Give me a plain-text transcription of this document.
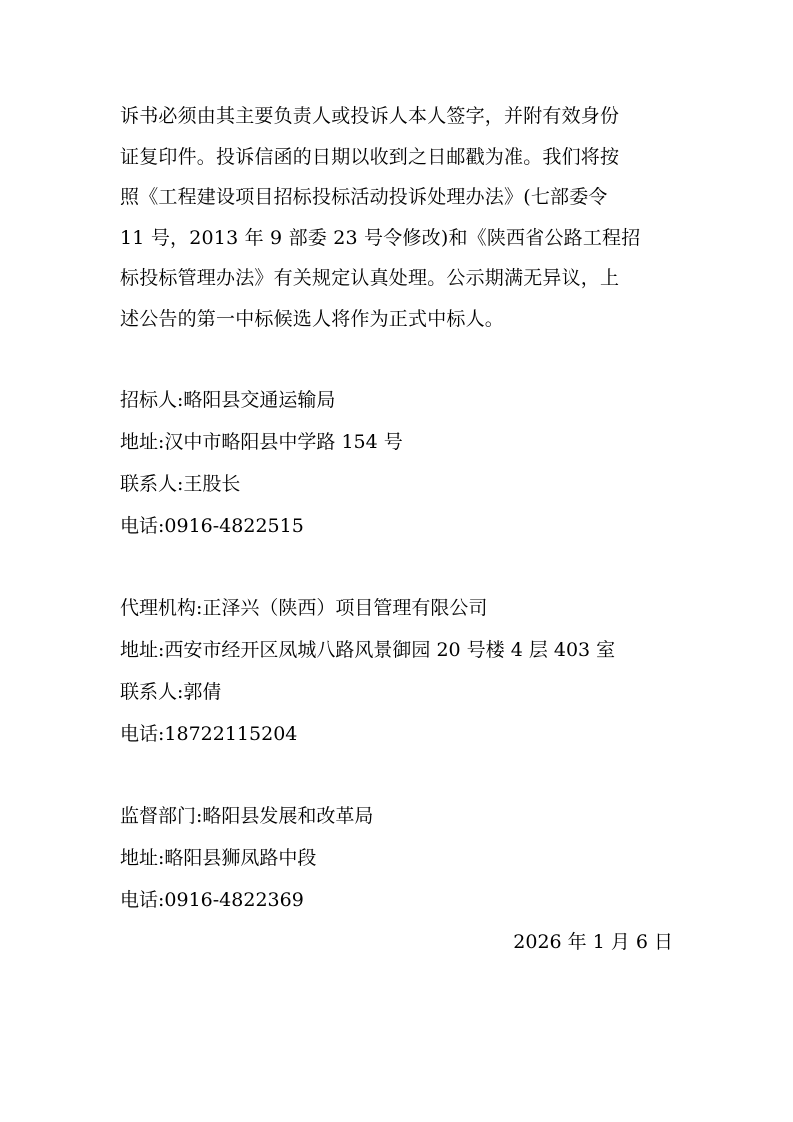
诉书必须由其主要负责人或投诉人本人签字，并附有效身份
证复印件。投诉信函的日期以收到之日邮戳为准。我们将按
照《工程建设项目招标投标活动投诉处理办法》(七部委令
11 号，2013 年 9 部委 23 号令修改)和《陕西省公路工程招
标投标管理办法》有关规定认真处理。公示期满无异议，上
述公告的第一中标候选人将作为正式中标人。
招标人:略阳县交通运输局
地址:汉中市略阳县中学路 154 号
联系人:王股长
电话:0916-4822515
代理机构:正泽兴（陕西）项目管理有限公司
地址:西安市经开区凤城八路风景御园 20 号楼 4 层 403 室
联系人:郭倩
电话:18722115204
监督部门:略阳县发展和改革局
地址:略阳县狮凤路中段
电话:0916-4822369
2026 年 1 月 6 日
